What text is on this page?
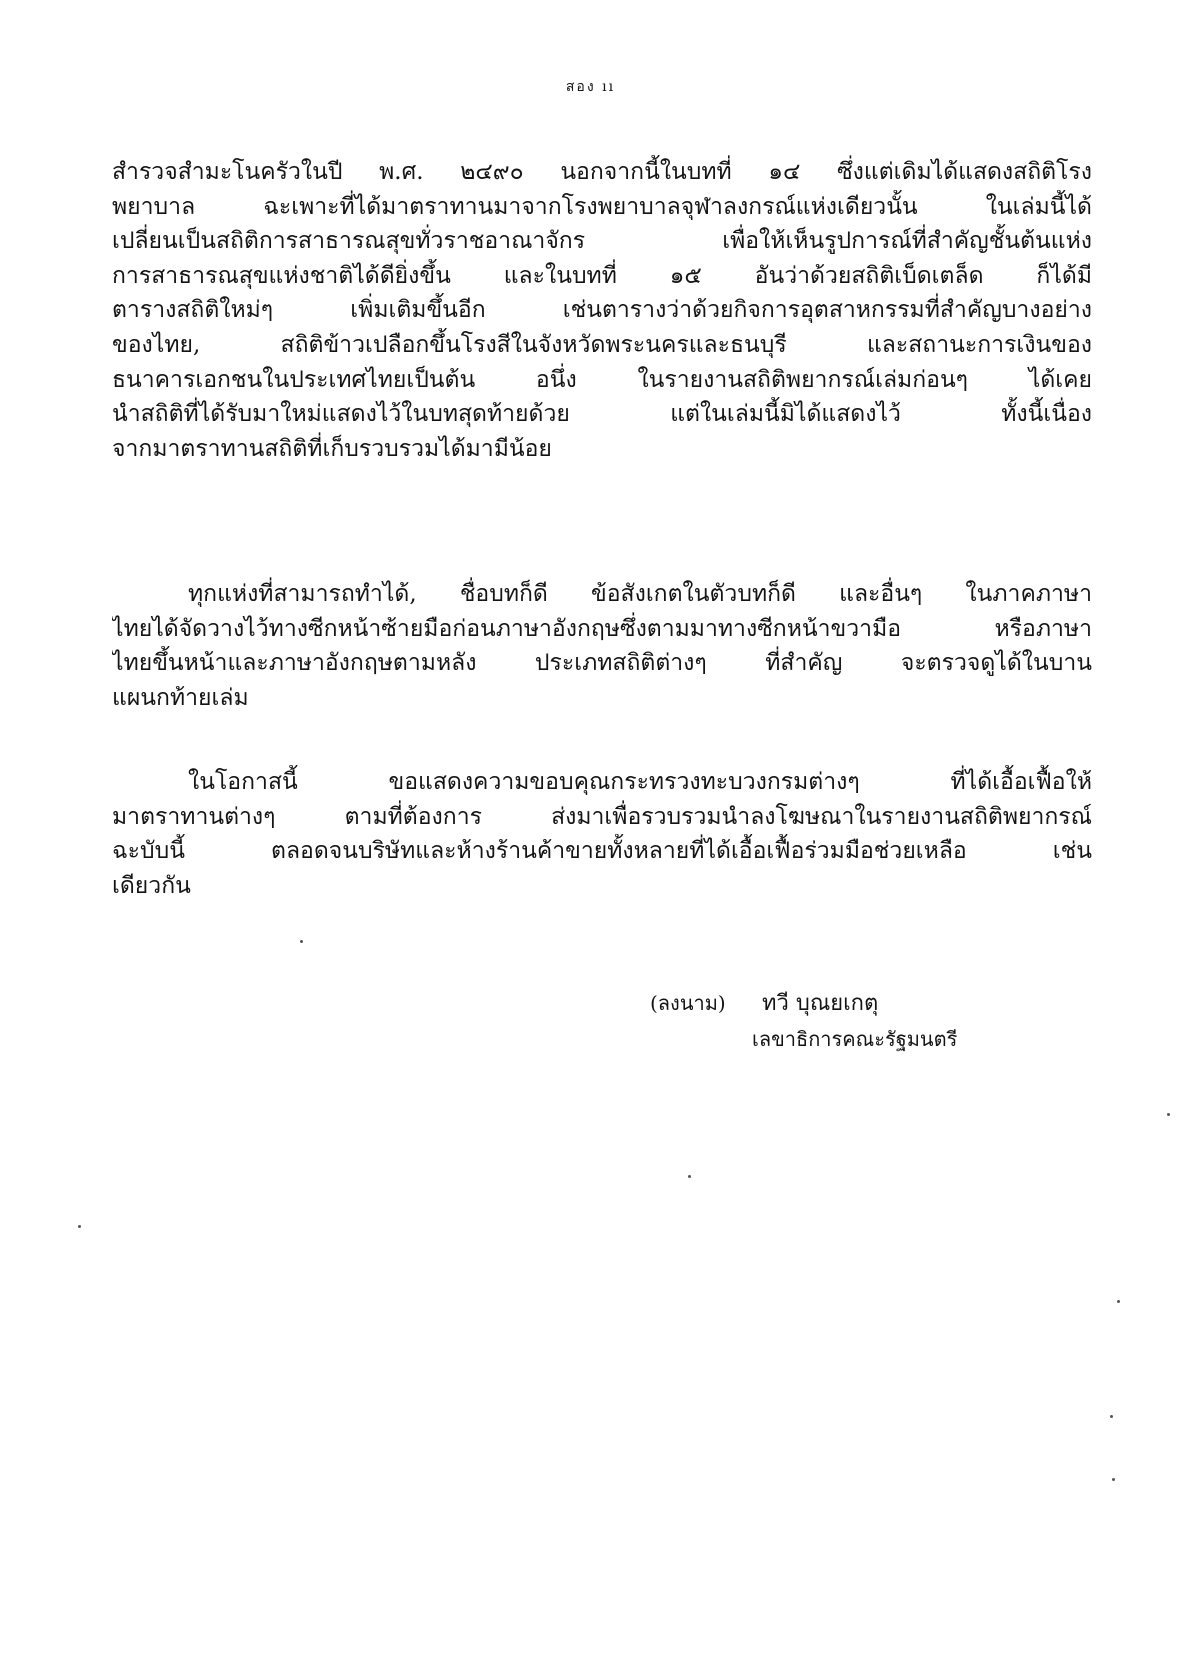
สอง ıı
สำรวจสำมะโนครัวในปี พ.ศ. ๒๔๙๐ นอกจากนี้ในบทที่ ๑๔ ซึ่งแต่เดิมได้แสดงสถิติโรง
พยาบาล ฉะเพาะที่ได้มาตราทานมาจากโรงพยาบาลจุฬาลงกรณ์แห่งเดียวนั้น ในเล่มนี้ได้
เปลี่ยนเป็นสถิติการสาธารณสุขทั่วราชอาณาจักร เพื่อให้เห็นรูปการณ์ที่สำคัญชั้นต้นแห่ง
การสาธารณสุขแห่งชาติได้ดียิ่งขึ้น และในบทที่ ๑๕ อันว่าด้วยสถิติเบ็ดเตล็ด ก็ได้มี
ตารางสถิติใหม่ๆ เพิ่มเติมขึ้นอีก เช่นตารางว่าด้วยกิจการอุตสาหกรรมที่สำคัญบางอย่าง
ของไทย, สถิติข้าวเปลือกขึ้นโรงสีในจังหวัดพระนครและธนบุรี และสถานะการเงินของ
ธนาคารเอกชนในประเทศไทยเป็นต้น อนึ่ง ในรายงานสถิติพยากรณ์เล่มก่อนๆ ได้เคย
นำสถิติที่ได้รับมาใหม่แสดงไว้ในบทสุดท้ายด้วย แต่ในเล่มนี้มิได้แสดงไว้ ทั้งนี้เนื่อง
จากมาตราทานสถิติที่เก็บรวบรวมได้มามีน้อย
ทุกแห่งที่สามารถทำได้, ชื่อบทก็ดี ข้อสังเกตในตัวบทก็ดี และอื่นๆ ในภาคภาษา
ไทยได้จัดวางไว้ทางซีกหน้าซ้ายมือก่อนภาษาอังกฤษซึ่งตามมาทางซีกหน้าขวามือ หรือภาษา
ไทยขึ้นหน้าและภาษาอังกฤษตามหลัง ประเภทสถิติต่างๆ ที่สำคัญ จะตรวจดูได้ในบาน
แผนกท้ายเล่ม
ในโอกาสนี้ ขอแสดงความขอบคุณกระทรวงทะบวงกรมต่างๆ ที่ได้เอื้อเฟื้อให้
มาตราทานต่างๆ ตามที่ต้องการ ส่งมาเพื่อรวบรวมนำลงโฆษณาในรายงานสถิติพยากรณ์
ฉะบับนี้ ตลอดจนบริษัทและห้างร้านค้าขายทั้งหลายที่ได้เอื้อเฟื้อร่วมมือช่วยเหลือ เช่น
เดียวกัน
(ลงนาม) ทวี บุณยเกตุ
เลขาธิการคณะรัฐมนตรี
